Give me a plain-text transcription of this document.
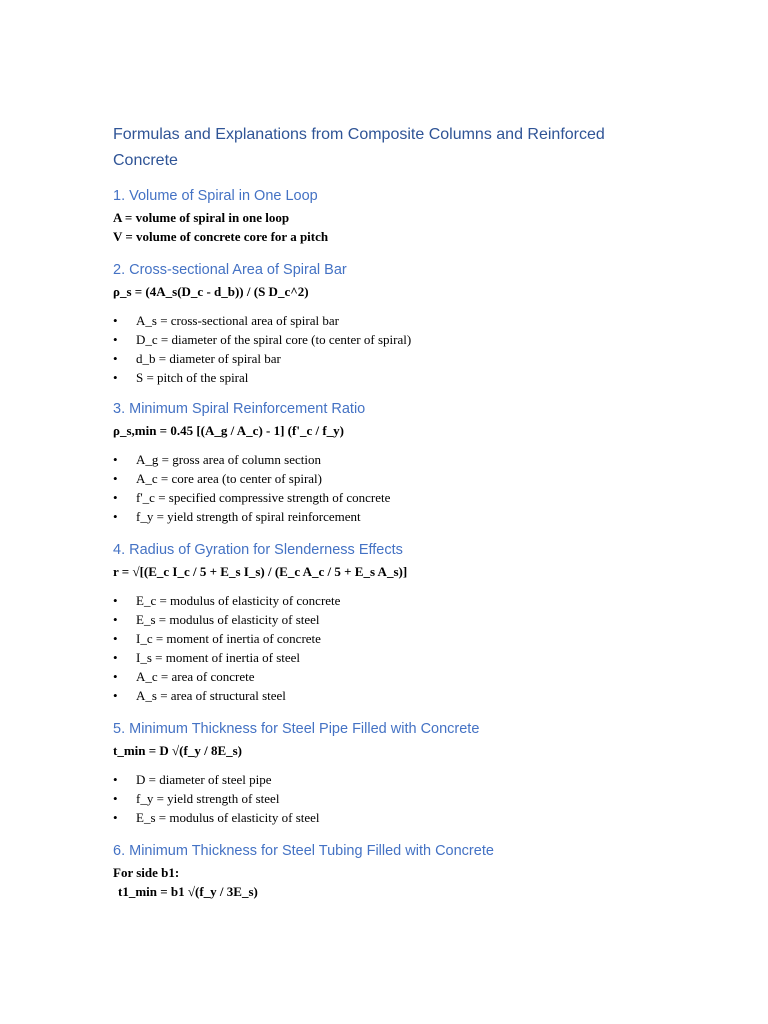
Formulas and Explanations from Composite Columns and Reinforced Concrete
1. Volume of Spiral in One Loop

A = volume of spiral in one loop

V = volume of concrete core for a pitch

2. Cross-sectional Area of Spiral Bar

ρ_s = (4A_s(D_c - d_b)) / (S D_c^2)

• A_s = cross-sectional area of spiral bar
• D_c = diameter of the spiral core (to center of spiral)
• d_b = diameter of spiral bar
• S = pitch of the spiral
3. Minimum Spiral Reinforcement Ratio

ρ_s,min = 0.45 [(A_g / A_c) - 1] (f'_c / f_y)

• A_g = gross area of column section
• A_c = core area (to center of spiral)
• f'_c = specified compressive strength of concrete
• f_y = yield strength of spiral reinforcement
4. Radius of Gyration for Slenderness Effects

r = √[(E_c I_c / 5 + E_s I_s) / (E_c A_c / 5 + E_s A_s)]

• E_c = modulus of elasticity of concrete
• E_s = modulus of elasticity of steel
• I_c = moment of inertia of concrete
• I_s = moment of inertia of steel
• A_c = area of concrete
• A_s = area of structural steel
5. Minimum Thickness for Steel Pipe Filled with Concrete

t_min = D √(f_y / 8E_s)

• D = diameter of steel pipe
• f_y = yield strength of steel
• E_s = modulus of elasticity of steel
6. Minimum Thickness for Steel Tubing Filled with Concrete

For side b1:

t1_min = b1 √(f_y / 3E_s)
